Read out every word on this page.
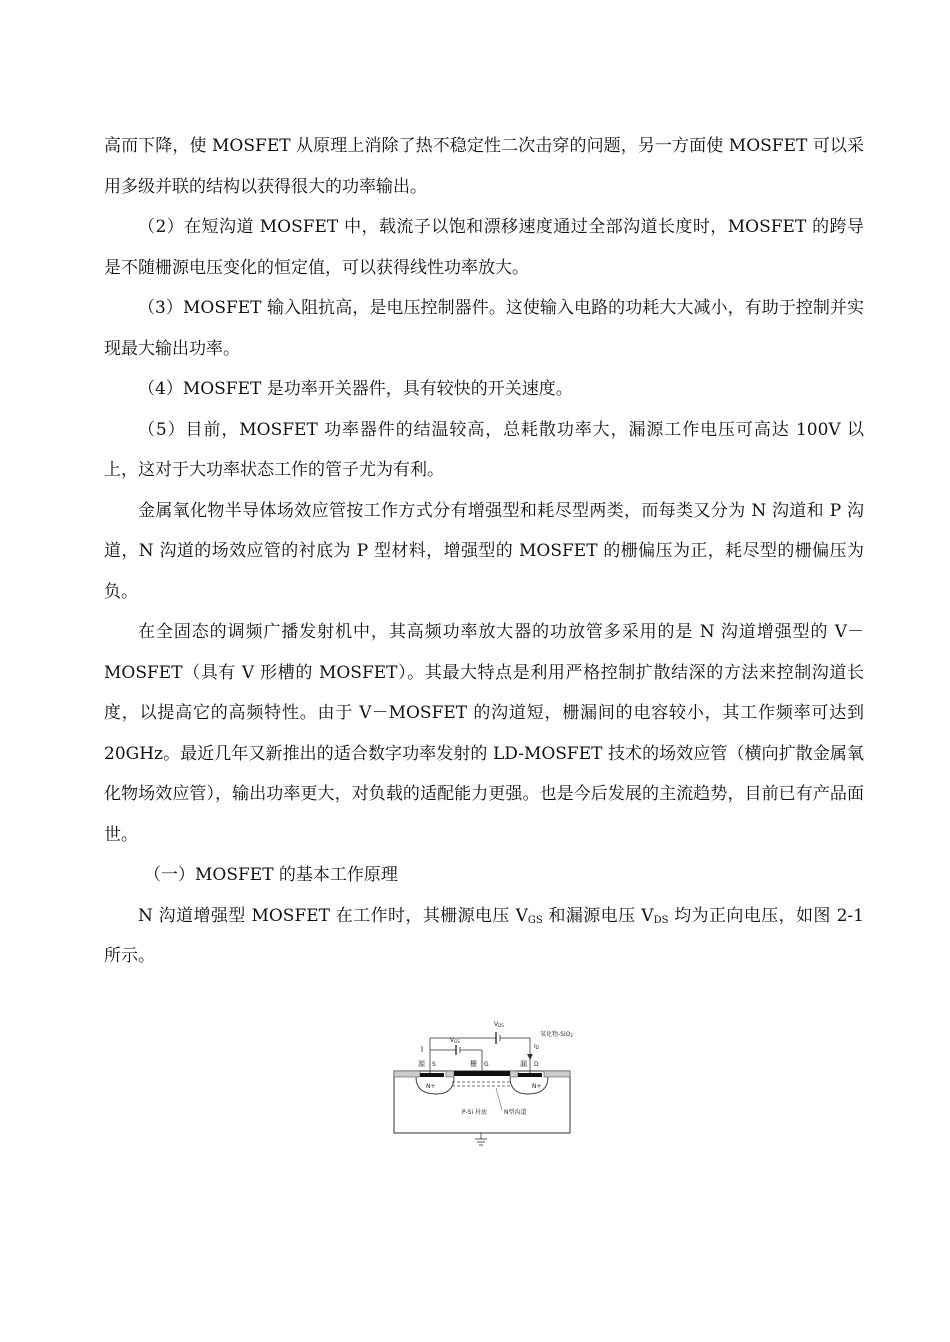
高而下降，使 MOSFET 从原理上消除了热不稳定性二次击穿的问题，另一方面使 MOSFET 可以采用多级并联的结构以获得很大的功率输出。

（2）在短沟道 MOSFET 中，载流子以饱和漂移速度通过全部沟道长度时，MOSFET 的跨导是不随栅源电压变化的恒定值，可以获得线性功率放大。

（3）MOSFET 输入阻抗高，是电压控制器件。这使输入电路的功耗大大减小，有助于控制并实现最大输出功率。

（4）MOSFET 是功率开关器件，具有较快的开关速度。

（5）目前，MOSFET 功率器件的结温较高，总耗散功率大，漏源工作电压可高达 100V 以上，这对于大功率状态工作的管子尤为有利。

金属氧化物半导体场效应管按工作方式分有增强型和耗尽型两类，而每类又分为 N 沟道和 P 沟道，N 沟道的场效应管的衬底为 P 型材料，增强型的 MOSFET 的栅偏压为正，耗尽型的栅偏压为负。

在全固态的调频广播发射机中，其高频功率放大器的功放管多采用的是 N 沟道增强型的 V－MOSFET（具有 V 形槽的 MOSFET）。其最大特点是利用严格控制扩散结深的方法来控制沟道长度，以提高它的高频特性。由于 V－MOSFET 的沟道短，栅漏间的电容较小，其工作频率可达到 20GHz。最近几年又新推出的适合数字功率发射的 LD-MOSFET 技术的场效应管（横向扩散金属氧化物场效应管），输出功率更大，对负载的适配能力更强。也是今后发展的主流趋势，目前已有产品面世。

（一）MOSFET 的基本工作原理

N 沟道增强型 MOSFET 在工作时，其栅源电压 $V_{GS}$ 和漏源电压 $V_{DS}$ 均为正向电压，如图 2-1 所示。

VDS
VGS
ID
氧化物-SiO2
源 S	栅 G	漏 D
N+	N+
P-Si 衬底	N型沟道
